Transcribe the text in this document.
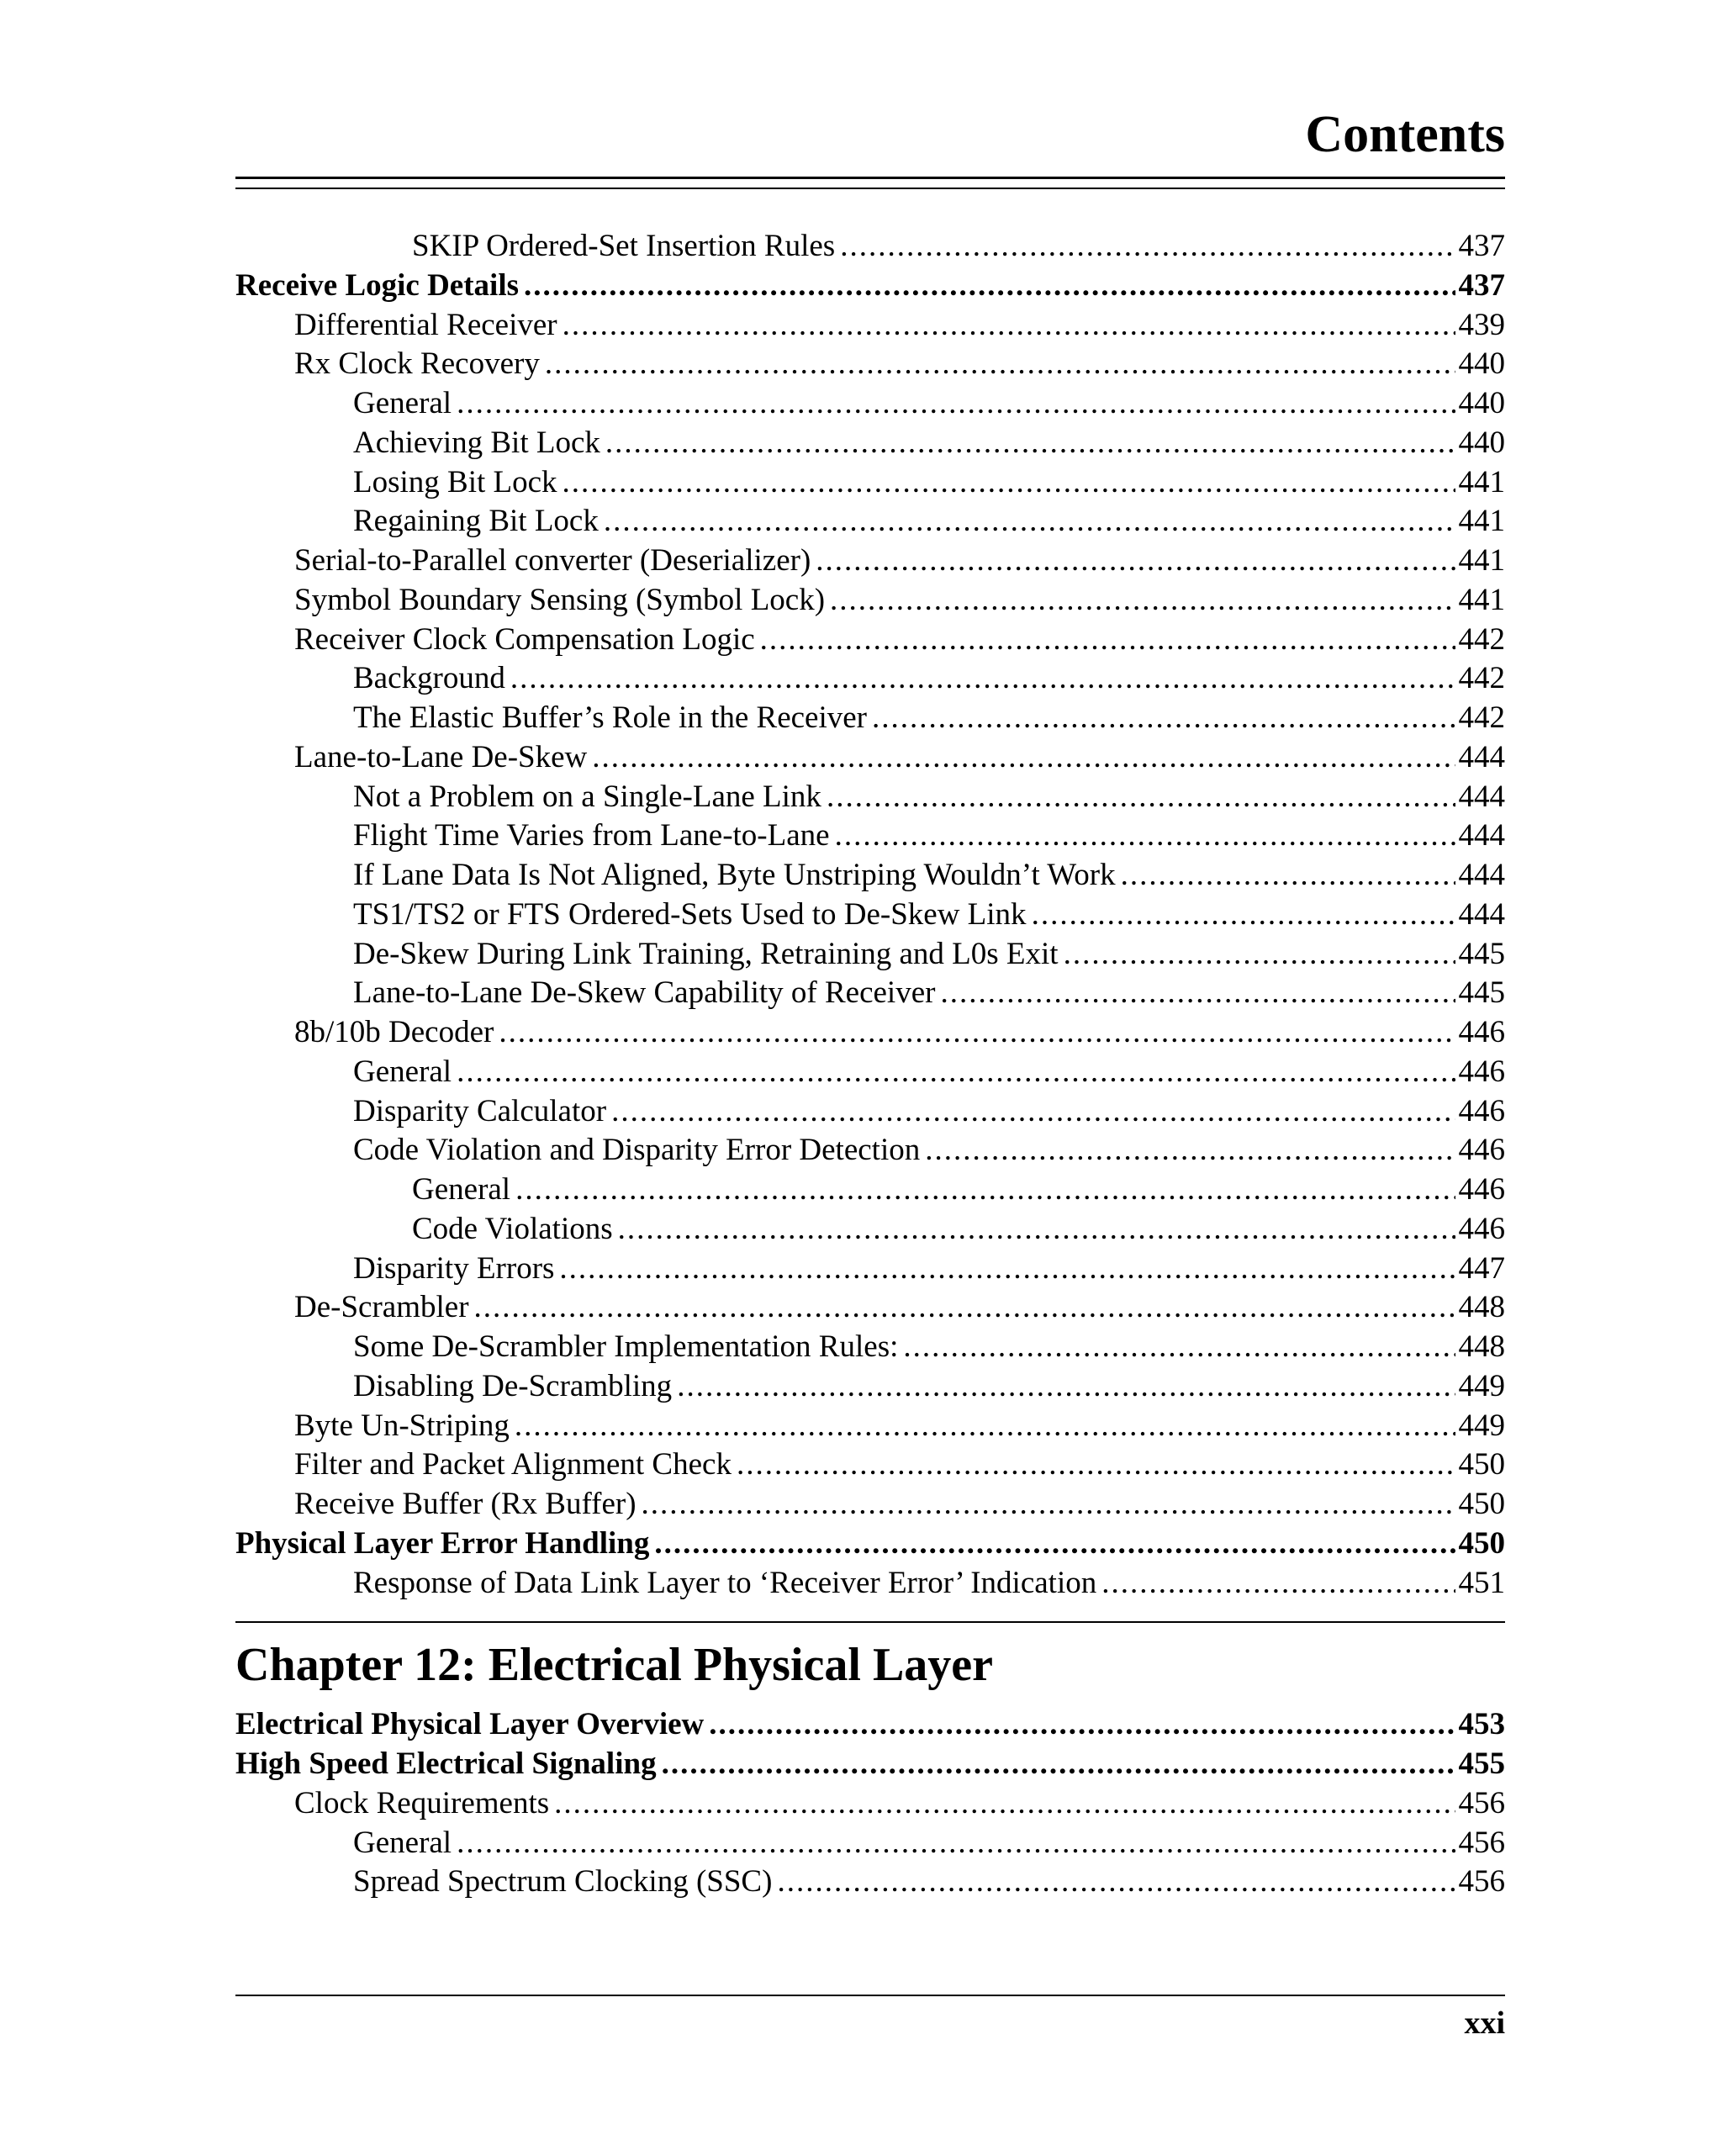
Contents
SKIP Ordered-Set Insertion Rules .....	437
Receive Logic Details .....	437
Differential Receiver .....	439
Rx Clock Recovery .....	440
General .....	440
Achieving Bit Lock .....	440
Losing Bit Lock .....	441
Regaining Bit Lock .....	441
Serial-to-Parallel converter (Deserializer) .....	441
Symbol Boundary Sensing (Symbol Lock) .....	441
Receiver Clock Compensation Logic .....	442
Background .....	442
The Elastic Buffer’s Role in the Receiver .....	442
Lane-to-Lane De-Skew .....	444
Not a Problem on a Single-Lane Link .....	444
Flight Time Varies from Lane-to-Lane .....	444
If Lane Data Is Not Aligned, Byte Unstriping Wouldn’t Work .....	444
TS1/TS2 or FTS Ordered-Sets Used to De-Skew Link .....	444
De-Skew During Link Training, Retraining and L0s Exit .....	445
Lane-to-Lane De-Skew Capability of Receiver .....	445
8b/10b Decoder .....	446
General .....	446
Disparity Calculator .....	446
Code Violation and Disparity Error Detection .....	446
General .....	446
Code Violations .....	446
Disparity Errors .....	447
De-Scrambler .....	448
Some De-Scrambler Implementation Rules: .....	448
Disabling De-Scrambling .....	449
Byte Un-Striping .....	449
Filter and Packet Alignment Check .....	450
Receive Buffer (Rx Buffer) .....	450
Physical Layer Error Handling .....	450
Response of Data Link Layer to ‘Receiver Error’ Indication .....	451
Chapter 12: Electrical Physical Layer
Electrical Physical Layer Overview .....	453
High Speed Electrical Signaling .....	455
Clock Requirements .....	456
General .....	456
Spread Spectrum Clocking (SSC) .....	456
xxi
